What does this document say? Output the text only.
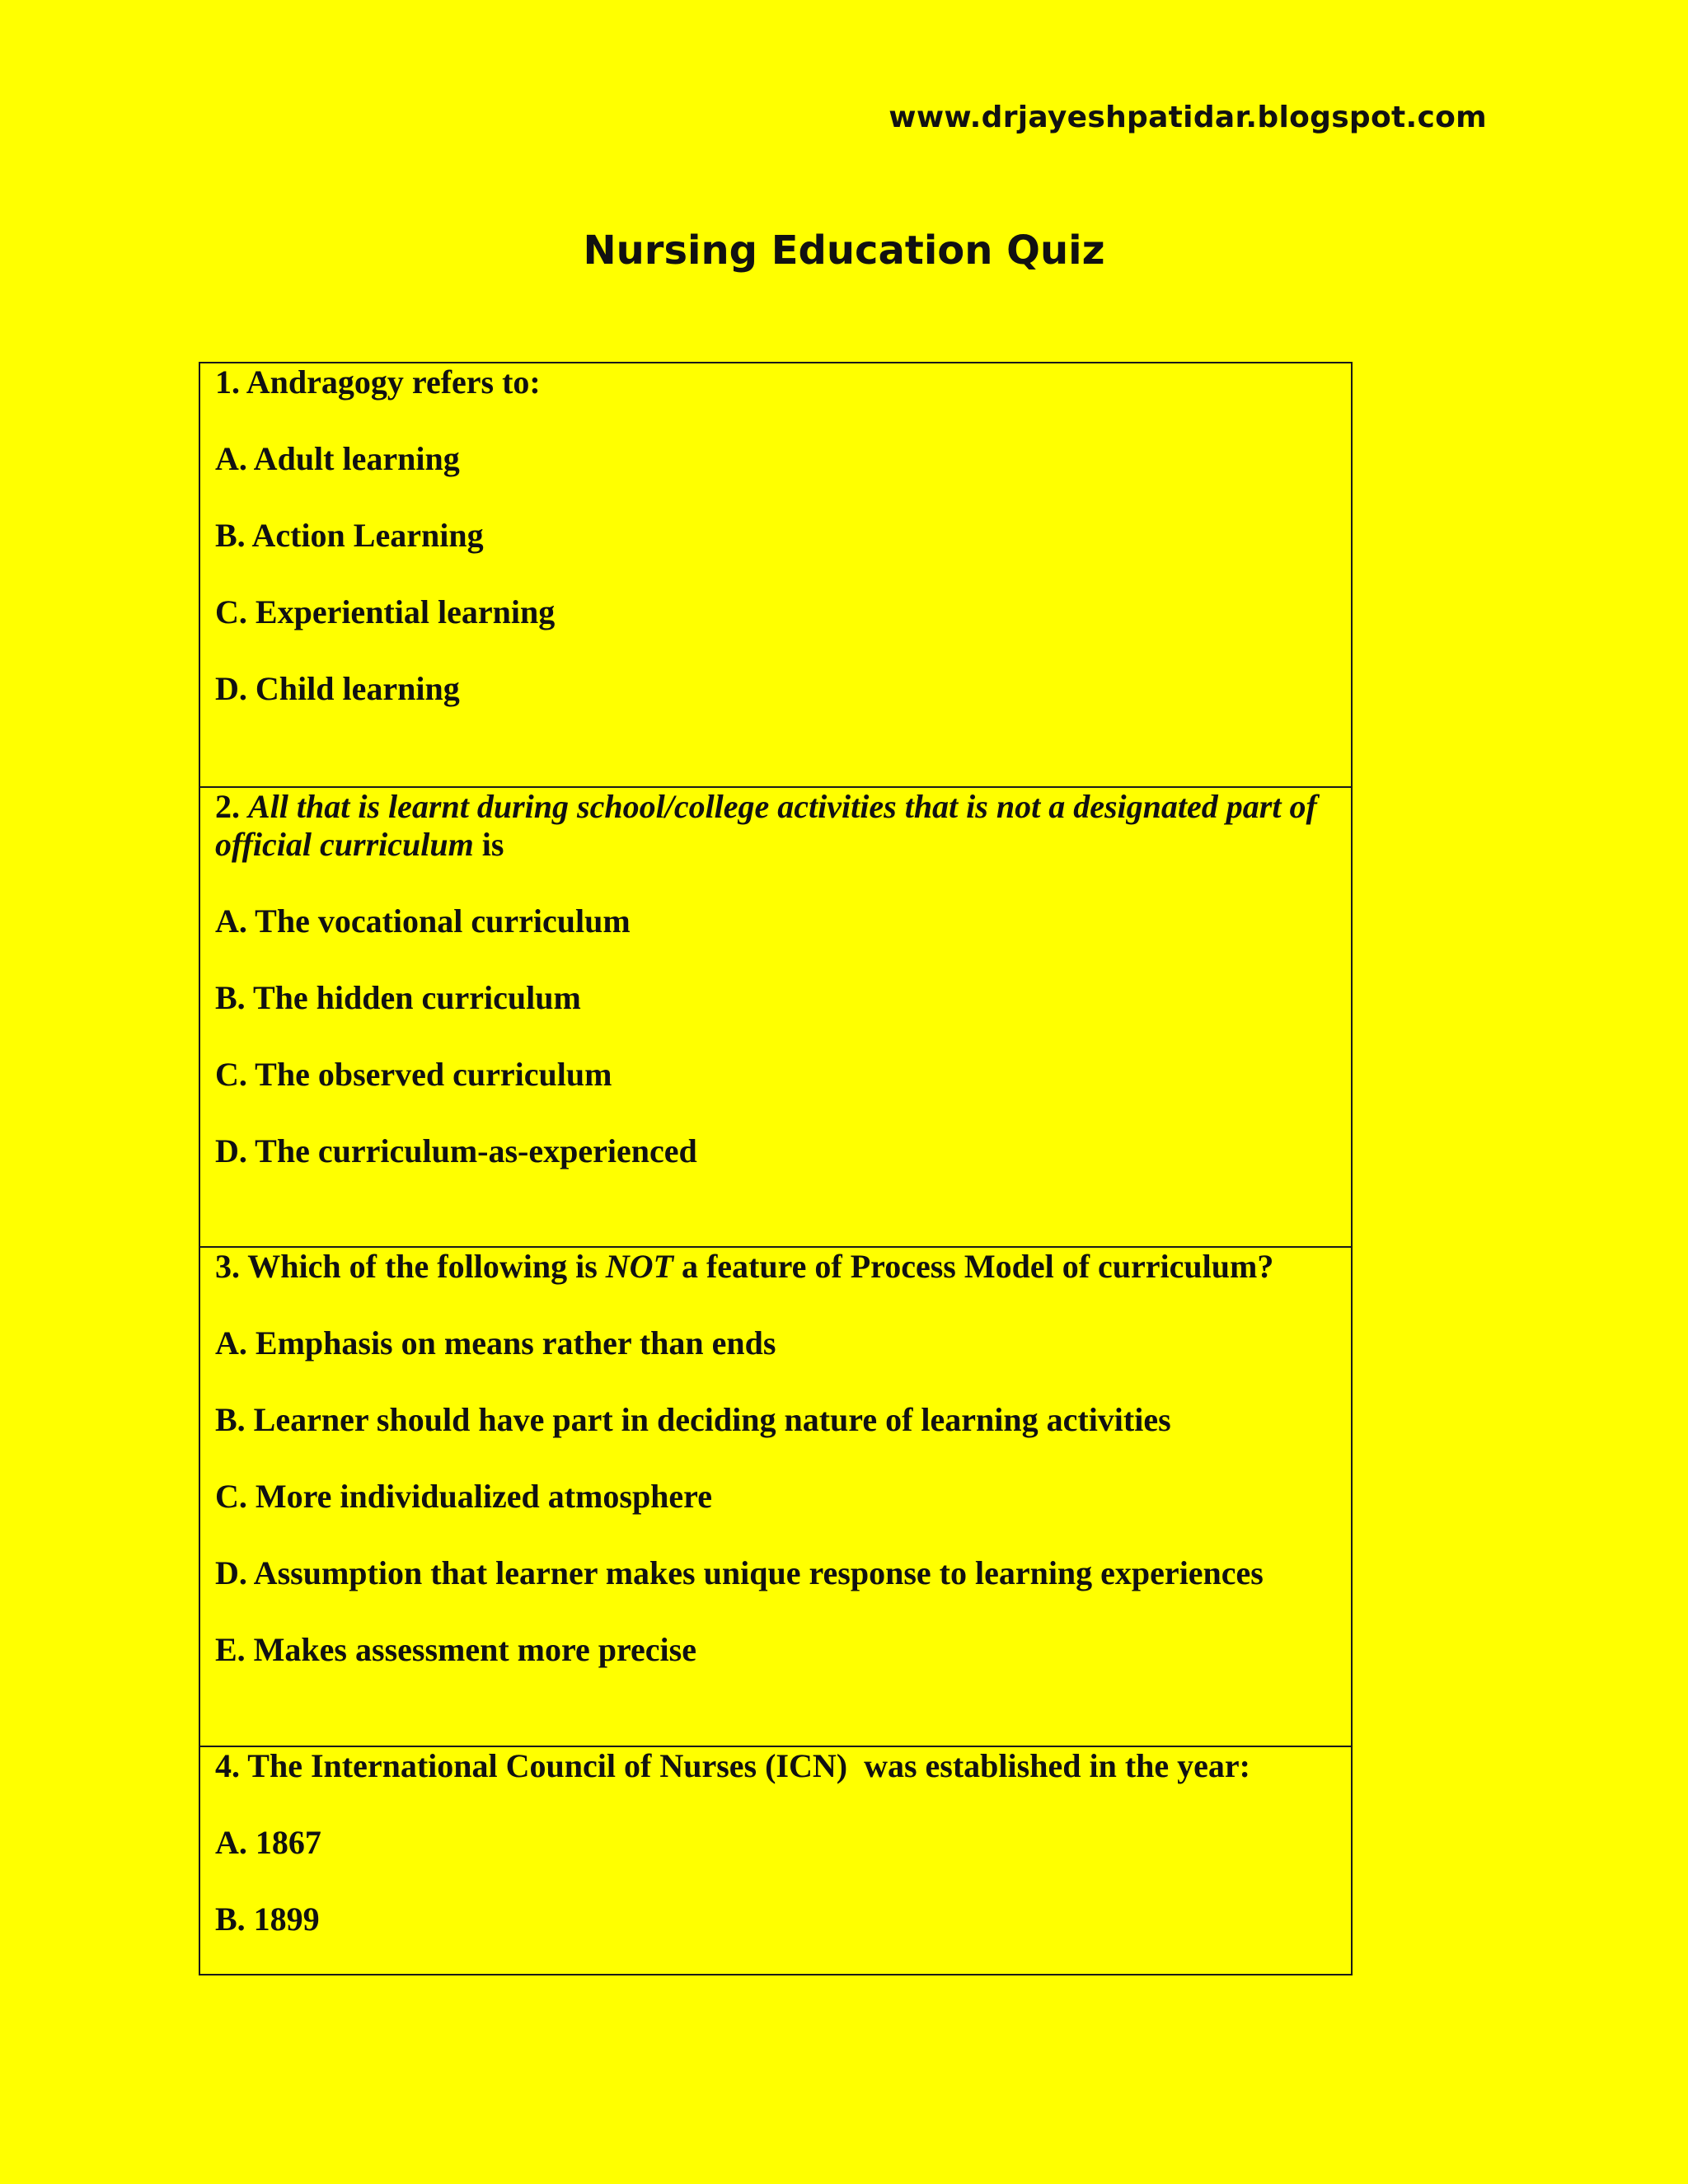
www.drjayeshpatidar.blogspot.com
Nursing Education Quiz

1. Andragogy refers to:

A. Adult learning

B. Action Learning

C. Experiential learning

D. Child learning

2. All that is learnt during school/college activities that is not a designated part of official curriculum is

A. The vocational curriculum

B. The hidden curriculum

C. The observed curriculum

D. The curriculum-as-experienced

3. Which of the following is NOT a feature of Process Model of curriculum?

A. Emphasis on means rather than ends

B. Learner should have part in deciding nature of learning activities

C. More individualized atmosphere

D. Assumption that learner makes unique response to learning experiences

E. Makes assessment more precise

4. The International Council of Nurses (ICN)  was established in the year:

A. 1867

B. 1899
